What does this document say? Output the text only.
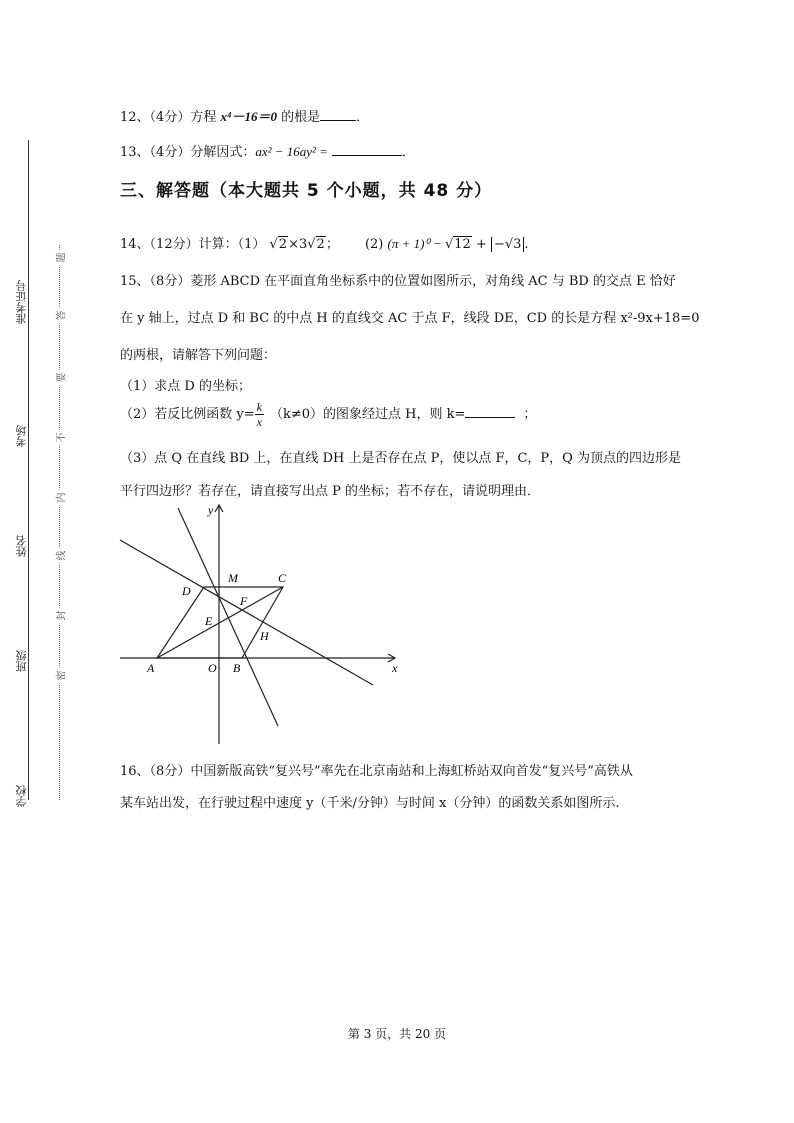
准考证号
考场
姓名
班级
学校
题
答
要
不
内
线
封
密
12、（4分）方程 x⁴－16＝0 的根是	．
13、（4分）分解因式：ax² − 16ay² =	．
三、解答题（本大题共 5 个小题，共 48 分）
14、（12分）计算：（1） √2×3√2； (2) (π + 1)⁰ − √12 + −√3 .
15、（8分）菱形 ABCD 在平面直角坐标系中的位置如图所示，对角线 AC 与 BD 的交点 E 恰好
在 y 轴上，过点 D 和 BC 的中点 H 的直线交 AC 于点 F，线段 DE，CD 的长是方程 x²-9x+18=0
的两根，请解答下列问题：
（1）求点 D 的坐标；
（2）若反比例函数 $y= \frac{k}{x} (k\ne 0)$的图象经过点 H，则 k=	；
（3）点 Q 在直线 BD 上，在直线 DH 上是否存在点 P，使以点 F，C，P，Q 为顶点的四边形是
平行四边形？若存在，请直接写出点 P 的坐标；若不存在，请说明理由．
y
x
O
A	B
C
D
E
F
H
M
16、（8分）中国新版高铁“复兴号”率先在北京南站和上海虹桥站双向首发“复兴号”高铁从
某车站出发，在行驶过程中速度 y（千米/分钟）与时间 x（分钟）的函数关系如图所示.
第 3 页，共 20 页
